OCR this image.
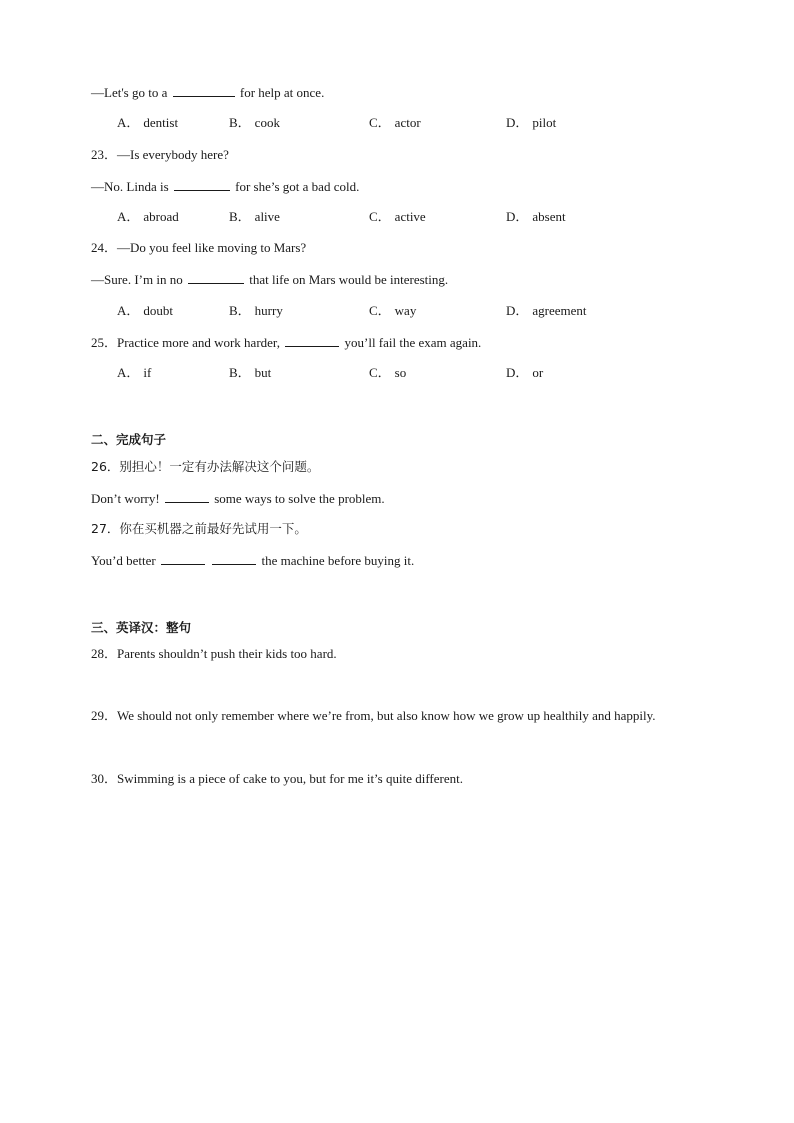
—Let's go to a	for help at once.
A． dentist	B． cook	C． actor	D． pilot
23．—Is everybody here?
—No. Linda is	for she’s got a bad cold.
A． abroad	B． alive	C． active	D． absent
24．—Do you feel like moving to Mars?
—Sure. I’m in no	that life on Mars would be interesting.
A． doubt	B． hurry	C． way	D． agreement
25．Practice more and work harder,	you’ll fail the exam again.
A． if	B． but	C． so	D． or
二、完成句子
26．别担心！一定有办法解决这个问题。
Don’t worry!	some ways to solve the problem.
27．你在买机器之前最好先试用一下。
You’d better	the machine before buying it.
三、英译汉：整句
28．Parents shouldn’t push their kids too hard.
29．We should not only remember where we’re from, but also know how we grow up healthily and happily.
30．Swimming is a piece of cake to you, but for me it’s quite different.
